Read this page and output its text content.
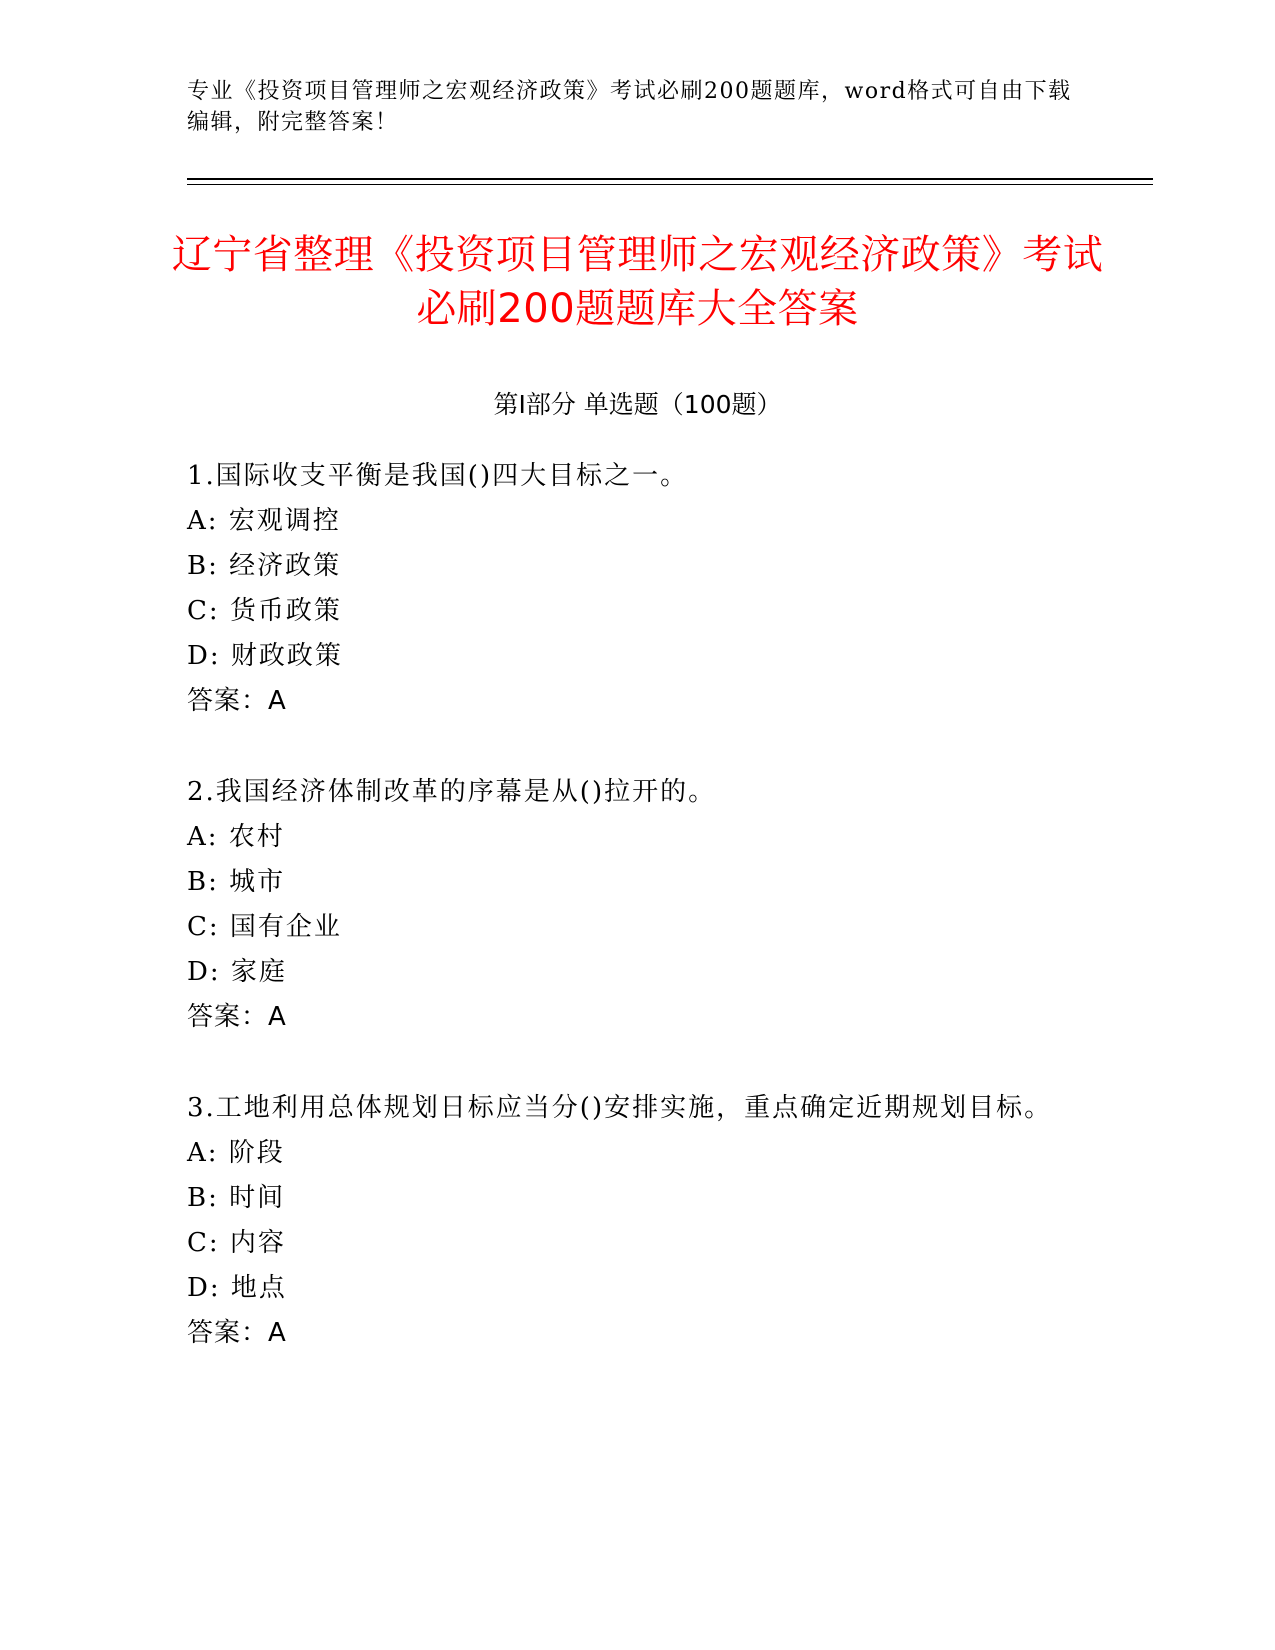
专业《投资项目管理师之宏观经济政策》考试必刷200题题库，word格式可自由下载编辑，附完整答案！
辽宁省整理《投资项目管理师之宏观经济政策》考试必刷200题题库大全答案
第Ⅰ部分 单选题（100题）
1.国际收支平衡是我国()四大目标之一。
A: 宏观调控
B: 经济政策
C: 货币政策
D: 财政政策
答案：A
2.我国经济体制改革的序幕是从()拉开的。
A: 农村
B: 城市
C: 国有企业
D: 家庭
答案：A
3.工地利用总体规划日标应当分()安排实施，重点确定近期规划目标。
A: 阶段
B: 时间
C: 内容
D: 地点
答案：A
